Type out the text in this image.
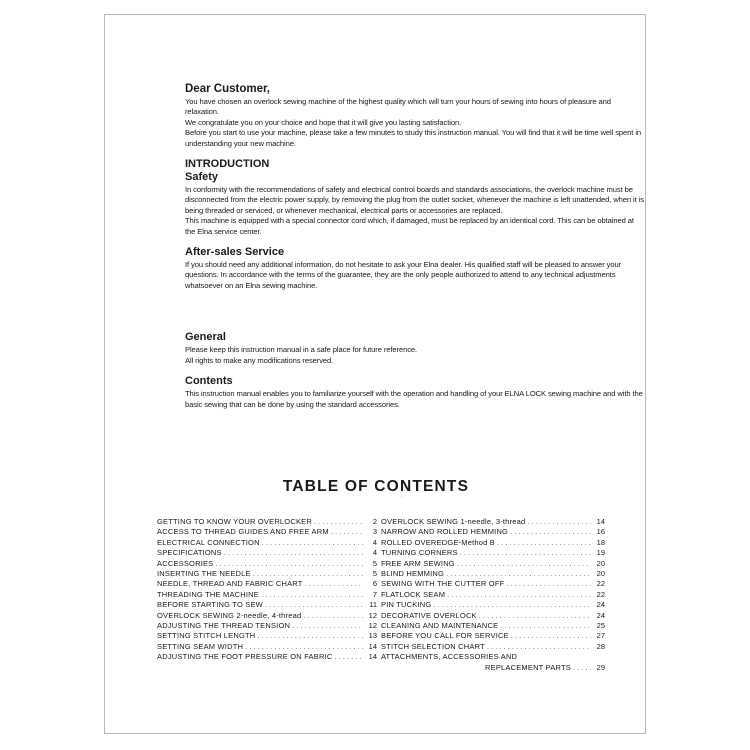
Dear Customer,

You have chosen an overlock sewing machine of the highest quality which will turn your hours of sewing into hours of pleasure and relaxation.

We congratulate you on your choice and hope that it will give you lasting satisfaction.

Before you start to use your machine, please take a few minutes to study this instruction manual. You will find that it will be time well spent in understanding your new machine.

INTRODUCTION
Safety

In conformity with the recommendations of safety and electrical control boards and standards associations, the overlock machine must be disconnected from the electric power supply, by removing the plug from the outlet socket, whenever the machine is left unattended, when it is being threaded or serviced, or whenever mechanical, electrical parts or accessories are replaced.

This machine is equipped with a special connector cord which, if damaged, must be replaced by an identical cord. This can be obtained at the Elna service center.

After-sales Service

If you should need any additional information, do not hesitate to ask your Elna dealer. His qualified staff will be pleased to answer your questions. In accordance with the terms of the guarantee, they are the only people authorized to attend to any technical adjustments whatsoever on an Elna sewing machine.

General

Please keep this instruction manual in a safe place for future reference.

All rights to make any modifications reserved.

Contents

This instruction manual enables you to familiarize yourself with the operation and handling of your ELNA LOCK sewing machine and with the basic sewing that can be done by using the standard accessories.

TABLE OF CONTENTS
’
GETTING TO KNOW YOUR OVERLOCKER . . .	2
ACCESS TO THREAD GUIDES AND FREE ARM . . .	3
ELECTRICAL CONNECTION . . .	4
SPECIFICATIONS . . .	4
ACCESSORIES . . .	5
INSERTING THE NEEDLE . . .	5
NEEDLE, THREAD AND FABRIC CHART . . .	6
THREADING THE MACHINE . . .	7
BEFORE STARTING TO SEW . . .	11
OVERLOCK SEWING 2-needle, 4-thread . . .	12
ADJUSTING THE THREAD TENSION . . .	12
SETTING STITCH LENGTH . . .	13
SETTING SEAM WIDTH . . .	14
ADJUSTING THE FOOT PRESSURE ON FABRIC . . .	14
OVERLOCK SEWING 1-needle, 3-thread . . .	14
NARROW AND ROLLED HEMMING . . .	16
ROLLED OVEREDGE-Method B . . .	18
TURNING CORNERS . . .	19
FREE ARM SEWING . . .	20
BLIND HEMMING . . .	20
SEWING WITH THE CUTTER OFF . . .	22
FLATLOCK SEAM . . .	22
PIN TUCKING . . .	24
DECORATIVE OVERLOCK . . .	24
CLEANING AND MAINTENANCE . . .	25
BEFORE YOU CALL FOR SERVICE . . .	27
STITCH SELECTION CHART . . .	28
ATTACHMENTS, ACCESSORIES AND
REPLACEMENT PARTS . . .	29
